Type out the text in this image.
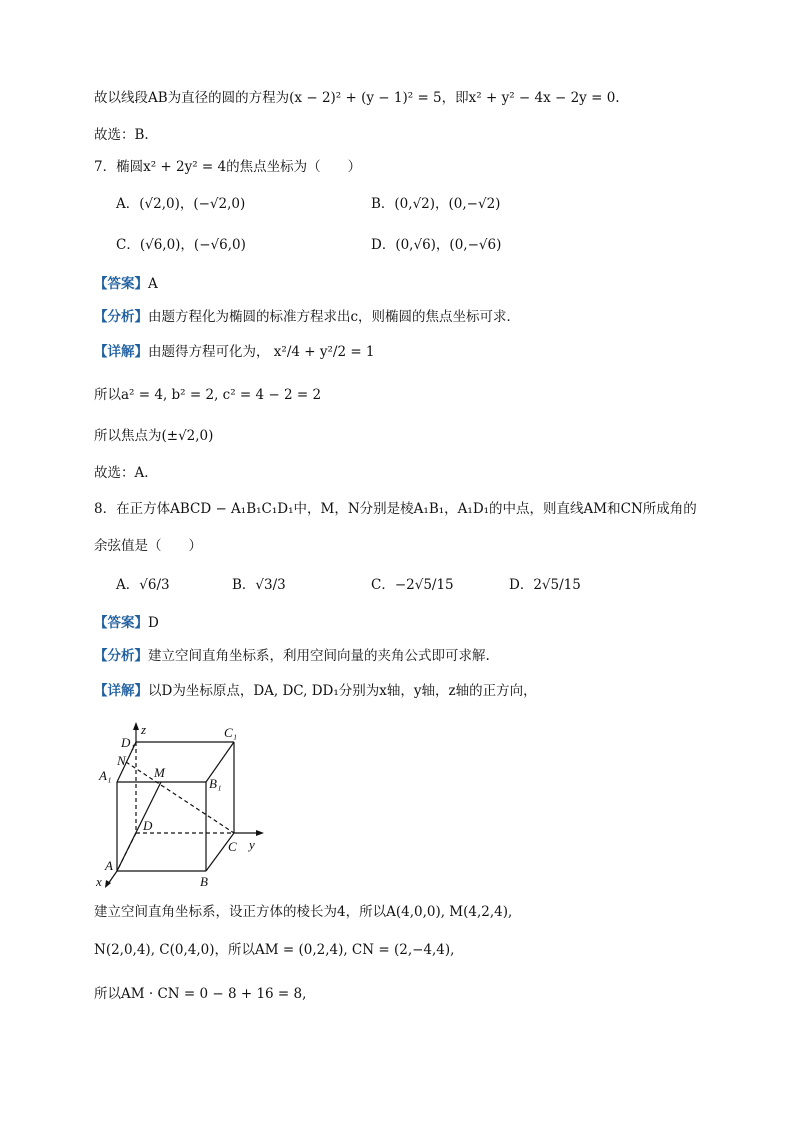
故以线段AB为直径的圆的方程为(x − 2)² + (y − 1)² = 5，即x² + y² − 4x − 2y = 0.
故选：B.
7．椭圆x² + 2y² = 4的焦点坐标为（　　）
A．(√2,0)，(−√2,0)	B．(0,√2)，(0,−√2)
C．(√6,0)，(−√6,0)	D．(0,√6)，(0,−√6)
【答案】A
【分析】由题方程化为椭圆的标准方程求出c，则椭圆的焦点坐标可求．
【详解】由题得方程可化为， x²/4 + y²/2 = 1
所以a² = 4, b² = 2, c² = 4 − 2 = 2
所以焦点为(±√2,0)
故选：A.
8．在正方体ABCD − A₁B₁C₁D₁中，M，N分别是棱A₁B₁，A₁D₁的中点，则直线AM和CN所成角的
余弦值是（　　）
A．√6/3	B．√3/3	C．−2√5/15	D．2√5/15
【答案】D
【分析】建立空间直角坐标系，利用空间向量的夹角公式即可求解.
【详解】以D为坐标原点，DA, DC, DD₁分别为x轴，y轴，z轴的正方向，
D₁
z	C₁
N
M
A₁
B₁
D
C y
A
x	B
建立空间直角坐标系，设正方体的棱长为4，所以A(4,0,0), M(4,2,4),
N(2,0,4), C(0,4,0)，所以AM = (0,2,4), CN = (2,−4,4),
所以AM · CN = 0 − 8 + 16 = 8,
